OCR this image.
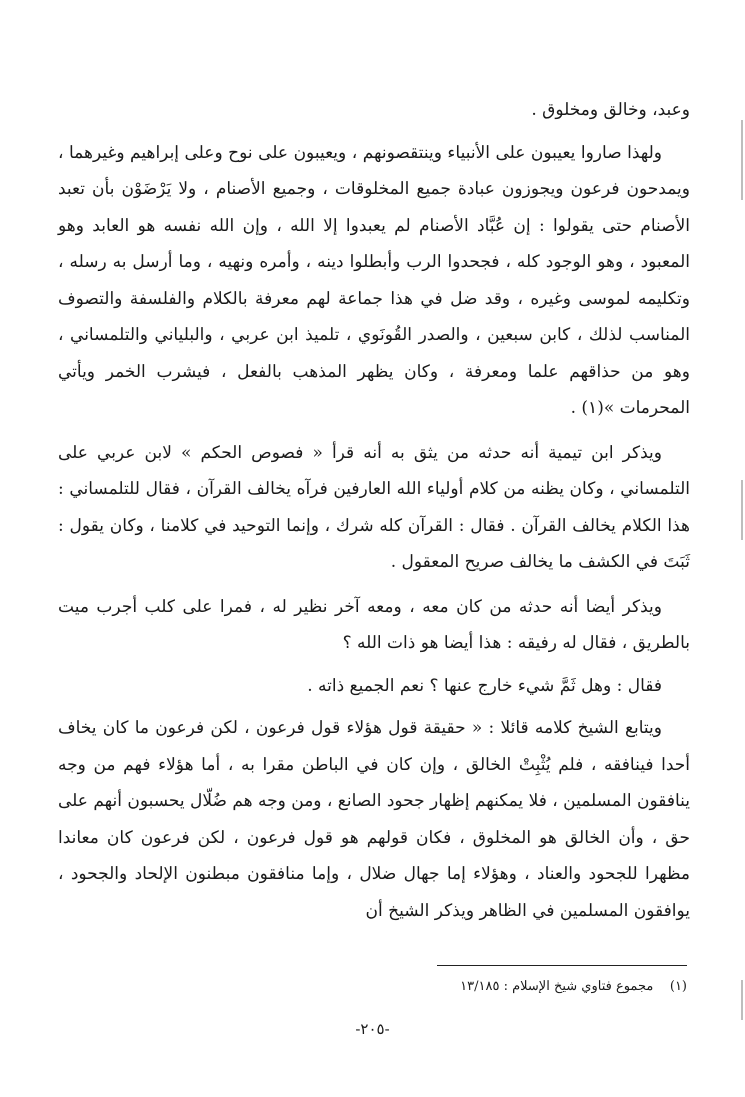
وعبد، وخالق ومخلوق .

ولهذا صاروا يعيبون على الأنبياء وينتقصونهم ، ويعيبون على نوح وعلى إبراهيم وغيرهما ، ويمدحون فرعون ويجوزون عبادة جميع المخلوقات ، وجميع الأصنام ، ولا يَرْضَوْن بأن تعبد الأصنام حتى يقولوا : إن عُبَّاد الأصنام لم يعبدوا إلا الله ، وإن الله نفسه هو العابد وهو المعبود ، وهو الوجود كله ، فجحدوا الرب وأبطلوا دينه ، وأمره ونهيه ، وما أرسل به رسله ، وتكليمه لموسى وغيره ، وقد ضل في هذا جماعة لهم معرفة بالكلام والفلسفة والتصوف المناسب لذلك ، كابن سبعين ، والصدر القُونَوي ، تلميذ ابن عربي ، والبلياني والتلمساني ، وهو من حذاقهم علما ومعرفة ، وكان يظهر المذهب بالفعل ، فيشرب الخمر ويأتي المحرمات »(١) .

ويذكر ابن تيمية أنه حدثه من يثق به أنه قرأ « فصوص الحكم » لابن عربي على التلمساني ، وكان يظنه من كلام أولياء الله العارفين فرآه يخالف القرآن ، فقال للتلمساني : هذا الكلام يخالف القرآن . فقال : القرآن كله شرك ، وإنما التوحيد في كلامنا ، وكان يقول : ثَبَتَ في الكشف ما يخالف صريح المعقول .

ويذكر أيضا أنه حدثه من كان معه ، ومعه آخر نظير له ، فمرا على كلب أجرب ميت بالطريق ، فقال له رفيقه : هذا أيضا هو ذات الله ؟

فقال : وهل ثَمَّ شيء خارج عنها ؟ نعم الجميع ذاته .

ويتابع الشيخ كلامه قائلا : « حقيقة قول هؤلاء قول فرعون ، لكن فرعون ما كان يخاف أحدا فينافقه ، فلم يُثْبِتْ الخالق ، وإن كان في الباطن مقرا به ، أما هؤلاء فهم من وجه ينافقون المسلمين ، فلا يمكنهم إظهار جحود الصانع ، ومن وجه هم ضُلّال يحسبون أنهم على حق ، وأن الخالق هو المخلوق ، فكان قولهم هو قول فرعون ، لكن فرعون كان معاندا مظهرا للجحود والعناد ، وهؤلاء إما جهال ضلال ، وإما منافقون مبطنون الإلحاد والجحود ، يوافقون المسلمين في الظاهر ويذكر الشيخ أن

(١)    مجموع فتاوي شيخ الإسلام : ١٣/١٨٥
-٢٠٥-
